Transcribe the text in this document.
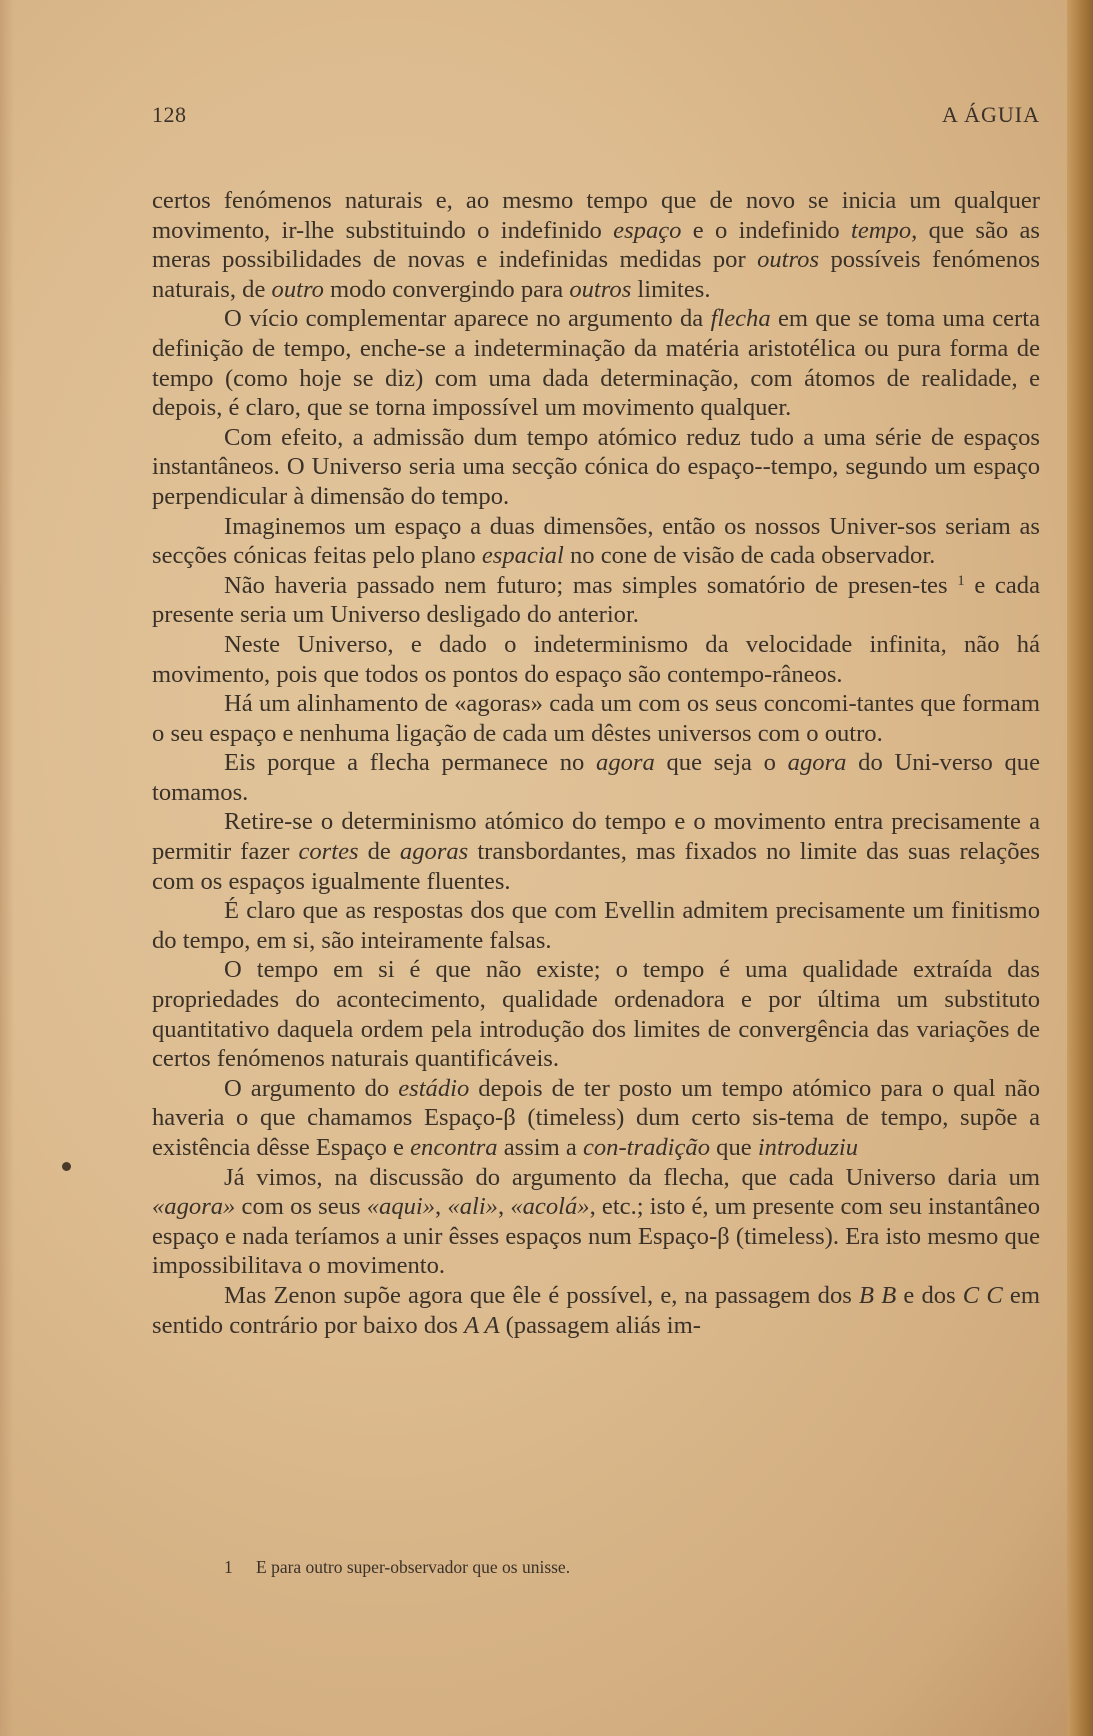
128	A ÁGUIA

certos fenómenos naturais e, ao mesmo tempo que de novo se inicia um qualquer movimento, ir-lhe substituindo o indefinido espaço e o indefinido tempo, que são as meras possibilidades de novas e indefinidas medidas por outros possíveis fenómenos naturais, de outro modo convergindo para outros limites.

O vício complementar aparece no argumento da flecha em que se toma uma certa definição de tempo, enche-se a indeterminação da matéria aristotélica ou pura forma de tempo (como hoje se diz) com uma dada determinação, com átomos de realidade, e depois, é claro, que se torna impossível um movimento qualquer.

Com efeito, a admissão dum tempo atómico reduz tudo a uma série de espaços instantâneos. O Universo seria uma secção cónica do espaço--tempo, segundo um espaço perpendicular à dimensão do tempo.

Imaginemos um espaço a duas dimensões, então os nossos Univer-sos seriam as secções cónicas feitas pelo plano espacial no cone de visão de cada observador.

Não haveria passado nem futuro; mas simples somatório de presen-tes $^1$ e cada presente seria um Universo desligado do anterior.

Neste Universo, e dado o indeterminismo da velocidade infinita, não há movimento, pois que todos os pontos do espaço são contempo-râneos.

Há um alinhamento de «agoras» cada um com os seus concomi-tantes que formam o seu espaço e nenhuma ligação de cada um dêstes universos com o outro.

Eis porque a flecha permanece no agora que seja o agora do Uni-verso que tomamos.

Retire-se o determinismo atómico do tempo e o movimento entra precisamente a permitir fazer cortes de agoras transbordantes, mas fixados no limite das suas relações com os espaços igualmente fluentes.

É claro que as respostas dos que com Evellin admitem precisamente um finitismo do tempo, em si, são inteiramente falsas.

O tempo em si é que não existe; o tempo é uma qualidade extraída das propriedades do acontecimento, qualidade ordenadora e por última um substituto quantitativo daquela ordem pela introdução dos limites de convergência das variações de certos fenómenos naturais quantificáveis.

O argumento do estádio depois de ter posto um tempo atómico para o qual não haveria o que chamamos Espaço-β (timeless) dum certo sis-tema de tempo, supõe a existência dêsse Espaço e encontra assim a con-tradição que introduziu

Já vimos, na discussão do argumento da flecha, que cada Universo daria um «agora» com os seus «aqui», «ali», «acolá», etc.; isto é, um presente com seu instantâneo espaço e nada teríamos a unir êsses espaços num Espaço-β (timeless). Era isto mesmo que impossibilitava o movimento.

Mas Zenon supõe agora que êle é possível, e, na passagem dos B B e dos C C em sentido contrário por baixo dos A A (passagem aliás im-

1 E para outro super-observador que os unisse.
